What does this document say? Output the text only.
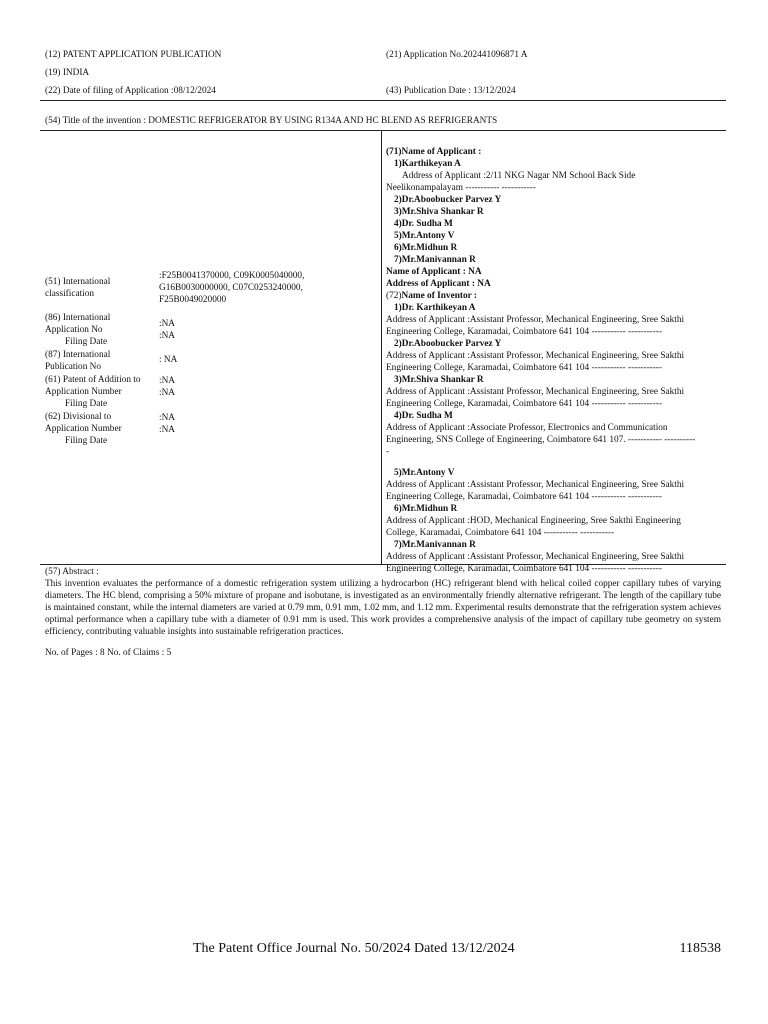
(12) PATENT APPLICATION PUBLICATION
(19) INDIA
(22) Date of filing of Application :08/12/2024
(21) Application No.202441096871 A
(43) Publication Date : 13/12/2024
(54) Title of the invention : DOMESTIC REFRIGERATOR BY USING R134A AND HC BLEND AS REFRIGERANTS
(51) International
classification
:F25B0041370000, C09K0005040000,
G16B0030000000, C07C0253240000,
F25B0049020000
(86) International
Application No
Filing Date
:NA
:NA
(87) International
Publication No
: NA
(61) Patent of Addition to
Application Number
Filing Date
:NA
:NA
(62) Divisional to
Application Number
Filing Date
:NA
:NA
(71)Name of Applicant :
1)Karthikeyan A
Address of Applicant :2/11 NKG Nagar NM School Back Side
Neelikonampalayam ----------- -----------
2)Dr.Aboobucker Parvez Y
3)Mr.Shiva Shankar R
4)Dr. Sudha M
5)Mr.Antony V
6)Mr.Midhun R
7)Mr.Manivannan R
Name of Applicant : NA
Address of Applicant : NA
(72)Name of Inventor :
1)Dr. Karthikeyan A
Address of Applicant :Assistant Professor, Mechanical Engineering, Sree Sakthi
Engineering College, Karamadai, Coimbatore 641 104 ----------- -----------
2)Dr.Aboobucker Parvez Y
Address of Applicant :Assistant Professor, Mechanical Engineering, Sree Sakthi
Engineering College, Karamadai, Coimbatore 641 104 ----------- -----------
3)Mr.Shiva Shankar R
Address of Applicant :Assistant Professor, Mechanical Engineering, Sree Sakthi
Engineering College, Karamadai, Coimbatore 641 104 ----------- -----------
4)Dr. Sudha M
Address of Applicant :Associate Professor, Electronics and Communication
Engineering, SNS College of Engineering, Coimbatore 641 107. ----------- ----------
-
5)Mr.Antony V
Address of Applicant :Assistant Professor, Mechanical Engineering, Sree Sakthi
Engineering College, Karamadai, Coimbatore 641 104 ----------- -----------
6)Mr.Midhun R
Address of Applicant :HOD, Mechanical Engineering, Sree Sakthi Engineering
College, Karamadai, Coimbatore 641 104 ----------- -----------
7)Mr.Manivannan R
Address of Applicant :Assistant Professor, Mechanical Engineering, Sree Sakthi
Engineering College, Karamadai, Coimbatore 641 104 ----------- -----------
(57) Abstract :
This invention evaluates the performance of a domestic refrigeration system utilizing a hydrocarbon (HC) refrigerant blend with helical coiled copper capillary tubes of varying diameters. The HC blend, comprising a 50% mixture of propane and isobutane, is investigated as an environmentally friendly alternative refrigerant. The length of the capillary tube is maintained constant, while the internal diameters are varied at 0.79 mm, 0.91 mm, 1.02 mm, and 1.12 mm. Experimental results demonstrate that the refrigeration system achieves optimal performance when a capillary tube with a diameter of 0.91 mm is used. This work provides a comprehensive analysis of the impact of capillary tube geometry on system efficiency, contributing valuable insights into sustainable refrigeration practices.
No. of Pages : 8 No. of Claims : 5
The Patent Office Journal No. 50/2024 Dated 13/12/2024	118538
